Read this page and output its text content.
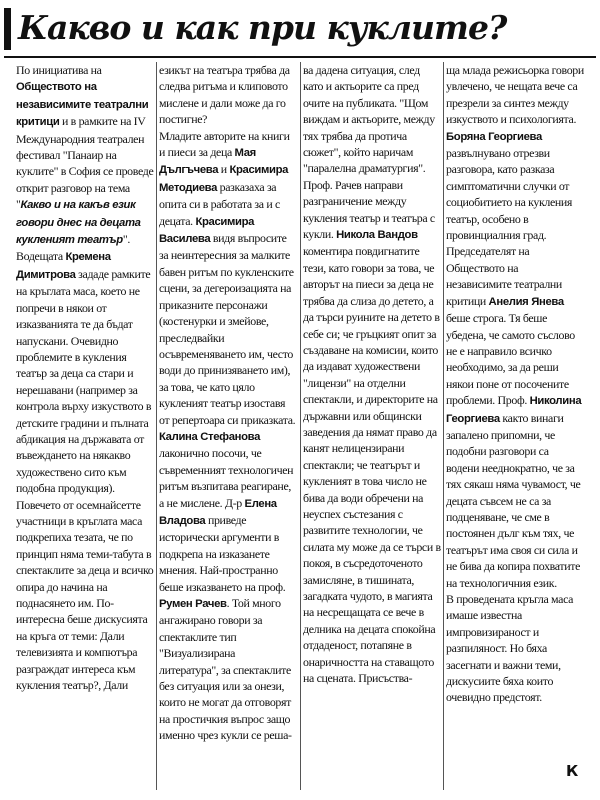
Какво и как при куклите?

По инициатива на Обществото на независимите театрални критици и в рамките на IV Международния театрален фестивал "Панаир на куклите" в София се проведе открит разговор на тема "Какво и на какъв език говори днес на децата кукленият театър". Водещата Кремена Димитрова зададе рамките на кръглата маса, което не попречи в някои от изказванията те да бъдат напускани. Очевидно проблемите в кукления театър за деца са стари и нерешавани (например за контрола върху изкуството в детските градини и пълната абдикация на държавата от въвеждането на някакво художествено сито към подобна продукция).

Повечето от осемнайсетте участници в кръглата маса подкрепиха тезата, че по принцип няма теми-табута в спектаклите за деца и всичко опира до начина на поднасянето им. По-интересна беше дискусията на кръга от теми: Дали телевизията и компютъра разграждат интереса към кукления театър?, Дали

езикът на театъра трябва да следва ритъма и клиповото мислене и дали може да го постигне?

Младите авторите на книги и пиеси за деца Мая Дългъчева и Красимира Методиева разказаха за опита си в работата за и с децата. Красимира Василева видя въпросите за неинтересния за малките бавен ритъм по кукленските сцени, за дегероизацията на приказните персонажи (костенурки и змейове, преследвайки осъвременяването им, често води до принизяването им), за това, че като цяло кукленият театър изоставя от репертоара си приказката. Калина Стефанова лаконично посочи, че съвременният технологичен ритъм възпитава реагиране, а не мислене. Д-р Елена Владова приведе исторически аргументи в подкрепа на изказанете мнения. Най-пространно беше изказването на проф. Румен Рачев. Той много ангажирано говори за спектаклите тип "Визуализирана литература", за спектаклите без ситуация или за онези, които не могат да отговорят на простичкия въпрос защо именно чрез кукли се реша-

ва дадена ситуация, след като и актьорите са пред очите на публиката. "Щом виждам и актьорите, между тях трябва да протича сюжет", който наричам "паралелна драматургия".

Проф. Рачев направи разграничение между кукления театър и театъра с кукли. Никола Вандов коментира повдигнатите тези, като говори за това, че авторът на пиеси за деца не трябва да слиза до детето, а да търси руините на детето в себе си; че гръцкият опит за създаване на комисии, които да издават художествени "лицензи" на отделни спектакли, и директорите на държавни или общински заведения да нямат право да канят нелицензирани спектакли; че театърът и кукленият в това число не бива да води обречени на неуспех състезания с развитите технологии, че силата му може да се търси в покоя, в съсредоточеното замисляне, в тишината, загадката чудото, в магията на несрещащата се вече в делника на децата спокойна отдаденост, потапяне в онаричността на ставащото на сцената. Присъства-

ща млада режисьорка говори увлечено, че нещата вече са презрели за синтез между изкуството и психологията. Боряна Георгиева развълнувано отрезви разговора, като разказа симптоматични случки от социобитието на кукления театър, особено в провинциалния град. Председателят на Обществото на независимите театрални критици Анелия Янева беше строга. Тя беше убедена, че самото съслово не е направило всичко необходимо, за да реши някои поне от посочените проблеми. Проф. Николина Георгиева както винаги запалено припомни, че подобни разговори са водени нееднократно, че за тях сякаш няма чувамост, че децата съвсем не са за подценяване, че сме в постоянен дълг към тях, че театърът има своя си сила и не бива да копира похватите на технологичния език.

В проведената кръгла маса имаше известна импровизираност и разпиляност. Но бяха засегнати и важни теми, дискусиите бяха които очевидно предстоят.

К
